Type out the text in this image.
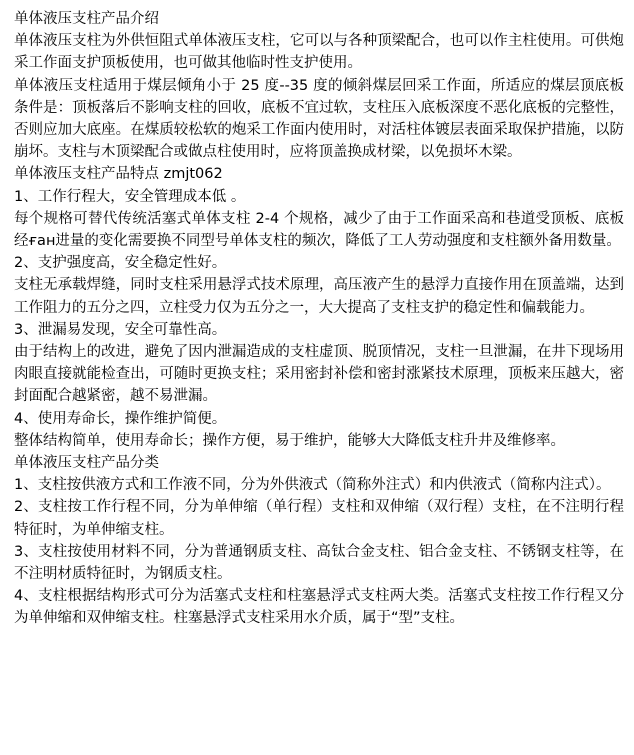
单体液压支柱产品介绍

单体液压支柱为外供恒阻式单体液压支柱，它可以与各种顶梁配合，也可以作主柱使用。可供炮采工作面支护顶板使用，也可做其他临时性支护使用。

单体液压支柱适用于煤层倾角小于 25 度--35 度的倾斜煤层回采工作面，所适应的煤层顶底板条件是：顶板落后不影响支柱的回收，底板不宜过软，支柱压入底板深度不恶化底板的完整性，否则应加大底座。在煤质较松软的炮采工作面内使用时，对活柱体镀层表面采取保护措施，以防崩坏。支柱与木顶梁配合或做点柱使用时，应将顶盖换成材梁，以免损坏木梁。

单体液压支柱产品特点 zmjt062

1、工作行程大，安全管理成本低 。

每个规格可替代传统活塞式单体支柱 2-4 个规格，减少了由于工作面采高和巷道受顶板、底板经ған进量的变化需要换不同型号单体支柱的频次，降低了工人劳动强度和支柱额外备用数量。

2、支护强度高，安全稳定性好。

支柱无承载焊缝，同时支柱采用悬浮式技术原理，高压液产生的悬浮力直接作用在顶盖端，达到工作阻力的五分之四，立柱受力仅为五分之一，大大提高了支柱支护的稳定性和偏载能力。

3、泄漏易发现，安全可靠性高。

由于结构上的改进，避免了因内泄漏造成的支柱虚顶、脱顶情况，支柱一旦泄漏，在井下现场用肉眼直接就能检查出，可随时更换支柱；采用密封补偿和密封涨紧技术原理，顶板来压越大，密封面配合越紧密，越不易泄漏。

4、使用寿命长，操作维护简便。

整体结构简单，使用寿命长；操作方便，易于维护，能够大大降低支柱升井及维修率。

单体液压支柱产品分类

1、支柱按供液方式和工作液不同，分为外供液式（简称外注式）和内供液式（简称内注式）。

2、支柱按工作行程不同，分为单伸缩（单行程）支柱和双伸缩（双行程）支柱，在不注明行程特征时，为单伸缩支柱。

3、支柱按使用材料不同，分为普通钢质支柱、高钛合金支柱、铝合金支柱、不锈钢支柱等，在不注明材质特征时，为钢质支柱。

4、支柱根据结构形式可分为活塞式支柱和柱塞悬浮式支柱两大类。活塞式支柱按工作行程又分为单伸缩和双伸缩支柱。柱塞悬浮式支柱采用水介质，属于“型”支柱。
